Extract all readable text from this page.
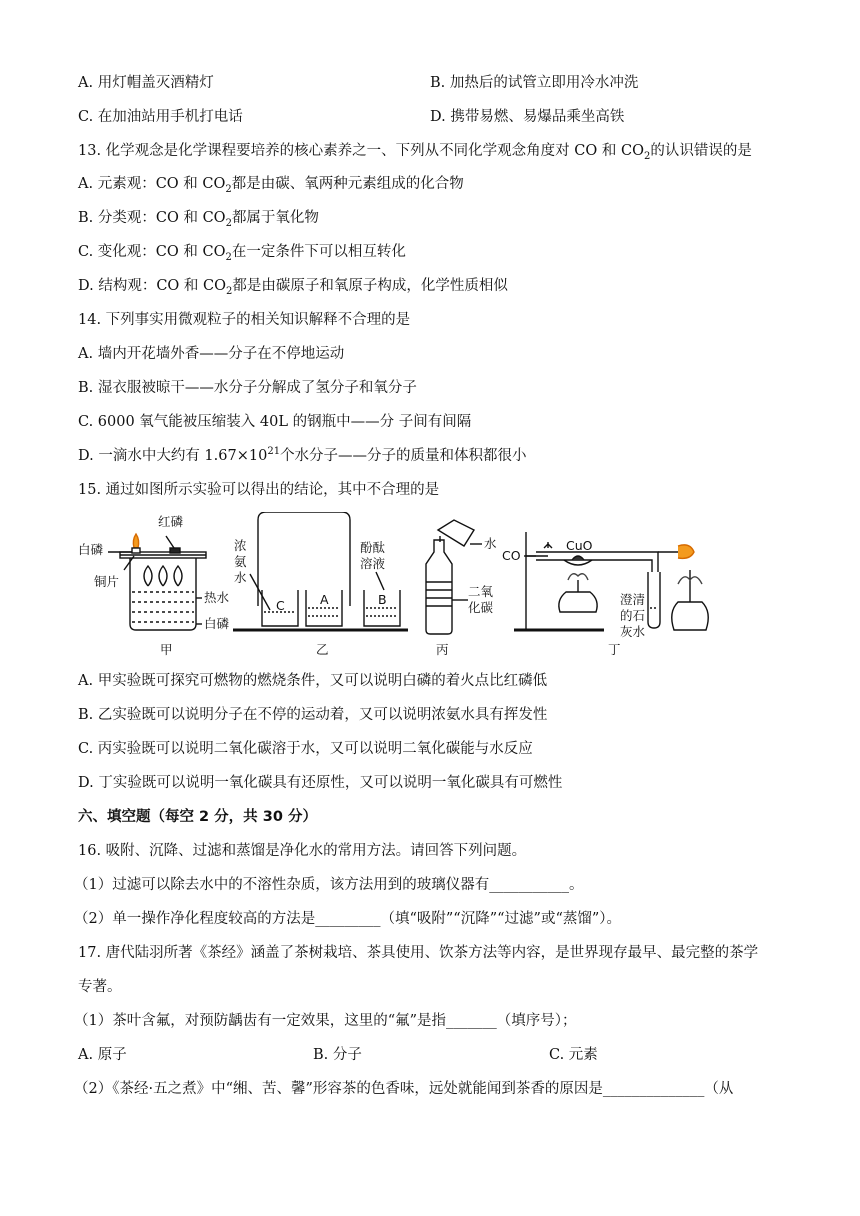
A. 用灯帽盖灭酒精灯	B. 加热后的试管立即用冷水冲洗
C. 在加油站用手机打电话	D. 携带易燃、易爆品乘坐高铁
13. 化学观念是化学课程要培养的核心素养之一、下列从不同化学观念角度对 CO 和 $CO_2$的认识错误的是
A. 元素观：CO 和 $CO_2$都是由碳、氧两种元素组成的化合物
B. 分类观：CO 和 $CO_2$都属于氧化物
C. 变化观：CO 和 $CO_2$在一定条件下可以相互转化
D. 结构观：CO 和 $CO_2$都是由碳原子和氧原子构成，化学性质相似
14. 下列事实用微观粒子的相关知识解释不合理的是
A. 墙内开花墙外香——分子在不停地运动
B. 湿衣服被晾干——水分子分解成了氢分子和氧分子
C. 6000 氧气能被压缩装入 40L 的钢瓶中——分 子间有间隔
D. 一滴水中大约有 $1.67\times 10^{21}$个水分子——分子的质量和体积都很小
15. 通过如图所示实验可以得出的结论，其中不合理的是
白磷
红磷
铜片
热水
白磷
甲
浓
氨
水
酚酞
溶液
C	A	B
乙
水
二氧
化碳
丙
CO
CuO
澄清
的石
灰水
丁
A. 甲实验既可探究可燃物的燃烧条件，又可以说明白磷的着火点比红磷低
B. 乙实验既可以说明分子在不停的运动着，又可以说明浓氨水具有挥发性
C. 丙实验既可以说明二氧化碳溶于水，又可以说明二氧化碳能与水反应
D. 丁实验既可以说明一氧化碳具有还原性，又可以说明一氧化碳具有可燃性
六、填空题（每空 2 分，共 30 分）
16. 吸附、沉降、过滤和蒸馏是净化水的常用方法。请回答下列问题。
（1）过滤可以除去水中的不溶性杂质，该方法用到的玻璃仪器有___________。
（2）单一操作净化程度较高的方法是_________（填“吸附”“沉降”“过滤”或“蒸馏”）。
17. 唐代陆羽所著《茶经》涵盖了茶树栽培、茶具使用、饮茶方法等内容，是世界现存最早、最完整的茶学
专著。
（1）茶叶含氟，对预防龋齿有一定效果，这里的“氟”是指_______（填序号）；
A. 原子	B. 分子	C. 元素
（2）《茶经·五之煮》中“缃、苦、馨”形容茶的色香味，远处就能闻到茶香的原因是______________（从
